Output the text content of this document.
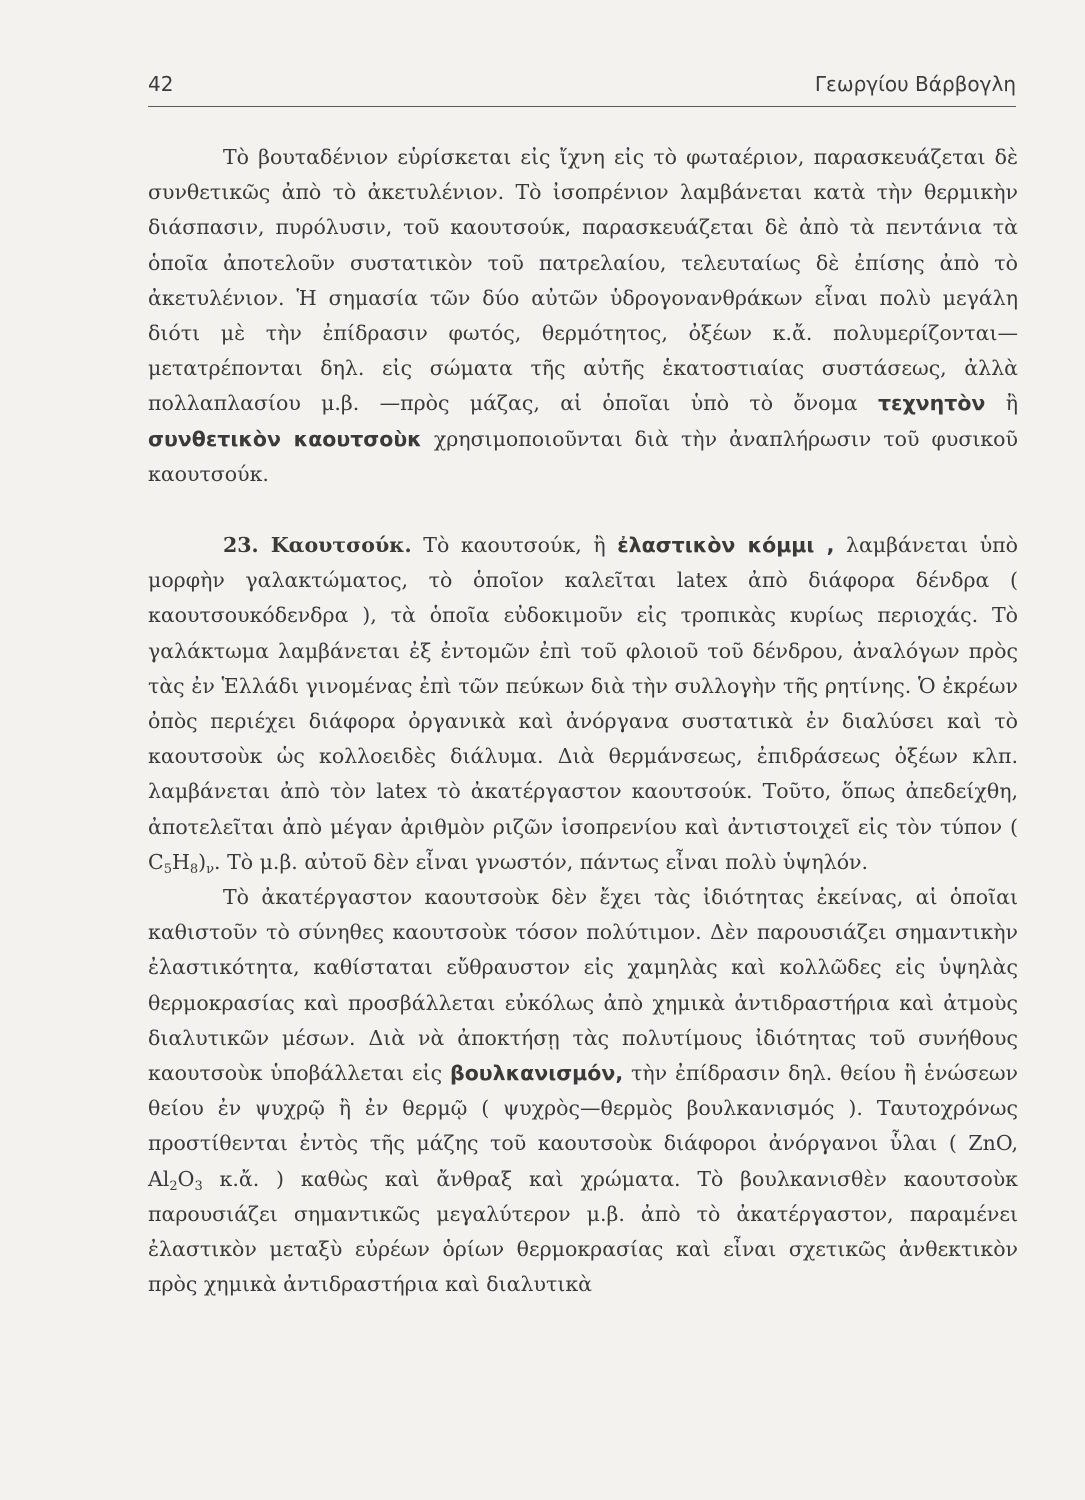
42	Γεωργίου Βάρβογλη

Τὸ βουταδένιον εὑρίσκεται εἰς ἴχνη εἰς τὸ φωταέριον, παρασκευάζεται δὲ συνθετικῶς ἀπὸ τὸ ἀκετυλένιον. Τὸ ἰσοπρένιον λαμβάνεται κατὰ τὴν θερμικὴν διάσπασιν, πυρόλυσιν, τοῦ καουτσούκ, παρασκευάζεται δὲ ἀπὸ τὰ πεντάνια τὰ ὁποῖα ἀποτελοῦν συστατικὸν τοῦ πατρελαίου, τελευταίως δὲ ἐπίσης ἀπὸ τὸ ἀκετυλένιον. Ἡ σημασία τῶν δύο αὐτῶν ὑδρογονανθράκων εἶναι πολὺ μεγάλη διότι μὲ τὴν ἐπίδρασιν φωτός, θερμότητος, ὀξέων κ.ἄ. πολυμερίζονται—μετατρέπονται δηλ. εἰς σώματα τῆς αὐτῆς ἑκατοστιαίας συστάσεως, ἀλλὰ πολλαπλασίου μ.β. —πρὸς μάζας, αἱ ὁποῖαι ὑπὸ τὸ ὄνομα τεχνητὸν ἢ συνθετικὸν καουτσοὺκ χρησιμοποιοῦνται διὰ τὴν ἀναπλήρωσιν τοῦ φυσικοῦ καουτσούκ.

23. Καουτσούκ. Τὸ καουτσούκ, ἢ ἐλαστικὸν κόμμι , λαμβάνεται ὑπὸ μορφὴν γαλακτώματος, τὸ ὁποῖον καλεῖται latex ἀπὸ διάφορα δένδρα ( καουτσουκόδενδρα ), τὰ ὁποῖα εὐδοκιμοῦν εἰς τροπικὰς κυρίως περιοχάς. Τὸ γαλάκτωμα λαμβάνεται ἐξ ἐντομῶν ἐπὶ τοῦ φλοιοῦ τοῦ δένδρου, ἀναλόγων πρὸς τὰς ἐν Ἑλλάδι γινομένας ἐπὶ τῶν πεύκων διὰ τὴν συλλογὴν τῆς ρητίνης. Ὁ ἐκρέων ὀπὸς περιέχει διάφορα ὀργανικὰ καὶ ἀνόργανα συστατικὰ ἐν διαλύσει καὶ τὸ καουτσοὺκ ὡς κολλοειδὲς διάλυμα. Διὰ θερμάνσεως, ἐπιδράσεως ὀξέων κλπ. λαμβάνεται ἀπὸ τὸν latex τὸ ἀκατέργαστον καουτσούκ. Τοῦτο, ὅπως ἀπεδείχθη, ἀποτελεῖται ἀπὸ μέγαν ἀριθμὸν ριζῶν ἰσοπρενίου καὶ ἀντιστοιχεῖ εἰς τὸν τύπον ( $C_5H_8)_\nu$. Τὸ μ.β. αὐτοῦ δὲν εἶναι γνωστόν, πάντως εἶναι πολὺ ὑψηλόν.

Τὸ ἀκατέργαστον καουτσοὺκ δὲν ἔχει τὰς ἰδιότητας ἐκείνας, αἱ ὁποῖαι καθιστοῦν τὸ σύνηθες καουτσοὺκ τόσον πολύτιμον. Δὲν παρουσιάζει σημαντικὴν ἐλαστικότητα, καθίσταται εὔθραυστον εἰς χαμηλὰς καὶ κολλῶδες εἰς ὑψηλὰς θερμοκρασίας καὶ προσβάλλεται εὐκόλως ἀπὸ χημικὰ ἀντιδραστήρια καὶ ἀτμοὺς διαλυτικῶν μέσων. Διὰ νὰ ἀποκτήσῃ τὰς πολυτίμους ἰδιότητας τοῦ συνήθους καουτσοὺκ ὑποβάλλεται εἰς βουλκανισμόν, τὴν ἐπίδρασιν δηλ. θείου ἢ ἑνώσεων θείου ἐν ψυχρῷ ἢ ἐν θερμῷ ( ψυχρὸς—θερμὸς βουλκανισμός ). Ταυτοχρόνως προστίθενται ἐντὸς τῆς μάζης τοῦ καουτσοὺκ διάφοροι ἀνόργανοι ὗλαι ( ZnO, $Al_2O_3$ κ.ἄ. ) καθὼς καὶ ἄνθραξ καὶ χρώματα. Τὸ βουλκανισθὲν καουτσοὺκ παρουσιάζει σημαντικῶς μεγαλύτερον μ.β. ἀπὸ τὸ ἀκατέργαστον, παραμένει ἐλαστικὸν μεταξὺ εὐρέων ὁρίων θερμοκρασίας καὶ εἶναι σχετικῶς ἀνθεκτικὸν πρὸς χημικὰ ἀντιδραστήρια καὶ διαλυτικὰ
